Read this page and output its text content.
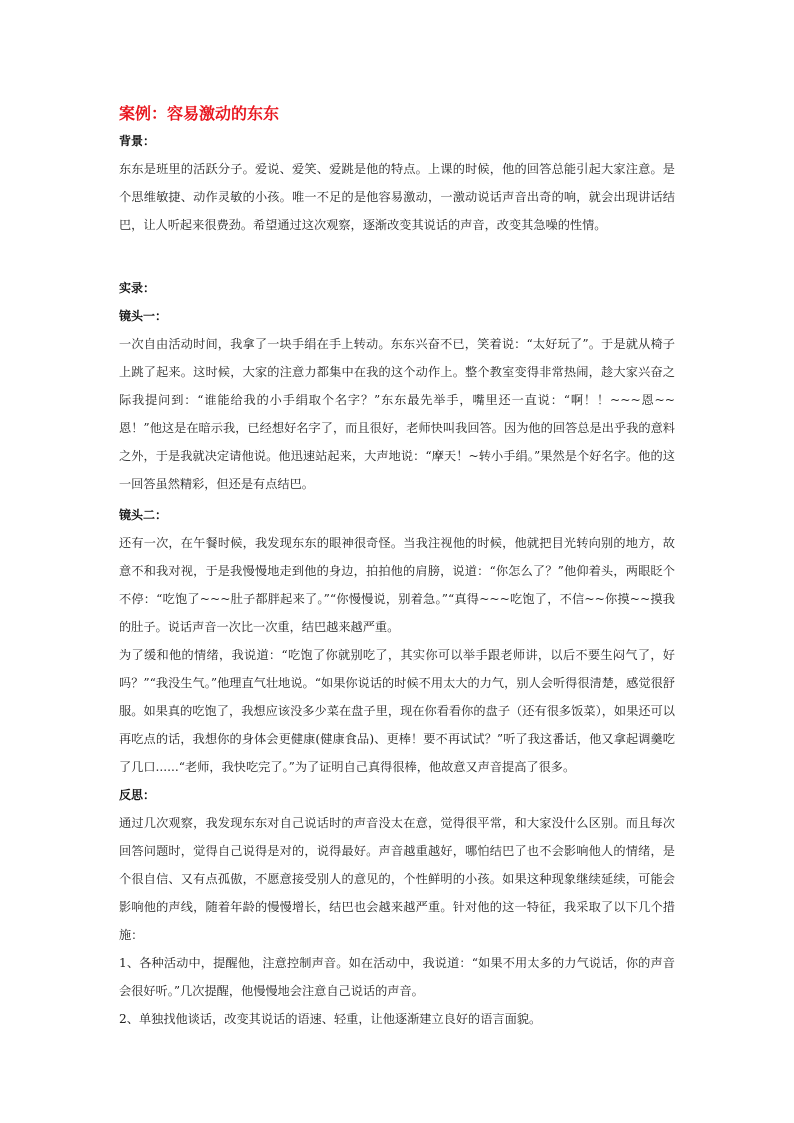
案例：容易激动的东东
背景：

东东是班里的活跃分子。爱说、爱笑、爱跳是他的特点。上课的时候，他的回答总能引起大家注意。是个思维敏捷、动作灵敏的小孩。唯一不足的是他容易激动，一激动说话声音出奇的响，就会出现讲话结巴，让人听起来很费劲。希望通过这次观察，逐渐改变其说话的声音，改变其急噪的性情。

实录：
镜头一：

一次自由活动时间，我拿了一块手绢在手上转动。东东兴奋不已，笑着说：“太好玩了”。于是就从椅子上跳了起来。这时候，大家的注意力都集中在我的这个动作上。整个教室变得非常热闹，趁大家兴奋之际我提问到：“谁能给我的小手绢取个名字？”东东最先举手，嘴里还一直说：“啊！！~~~恩~~恩！”他这是在暗示我，已经想好名字了，而且很好，老师快叫我回答。因为他的回答总是出乎我的意料之外，于是我就决定请他说。他迅速站起来，大声地说：“摩天！~转小手绢。”果然是个好名字。他的这一回答虽然精彩，但还是有点结巴。

镜头二：

还有一次，在午餐时候，我发现东东的眼神很奇怪。当我注视他的时候，他就把目光转向别的地方，故意不和我对视，于是我慢慢地走到他的身边，拍拍他的肩膀，说道：“你怎么了？”他仰着头，两眼眨个不停：“吃饱了~~~肚子都胖起来了。”“你慢慢说，别着急。”“真得~~~吃饱了，不信~~你摸~~摸我的肚子。说话声音一次比一次重，结巴越来越严重。

为了缓和他的情绪，我说道：“吃饱了你就别吃了，其实你可以举手跟老师讲，以后不要生闷气了，好吗？”“我没生气。”他理直气壮地说。“如果你说话的时候不用太大的力气，别人会听得很清楚，感觉很舒服。如果真的吃饱了，我想应该没多少菜在盘子里，现在你看看你的盘子（还有很多饭菜），如果还可以再吃点的话，我想你的身体会更健康(健康食品)、更棒！要不再试试？”听了我这番话，他又拿起调羹吃了几口......“老师，我快吃完了。”为了证明自己真得很棒，他故意又声音提高了很多。

反思：

通过几次观察，我发现东东对自己说话时的声音没太在意，觉得很平常，和大家没什么区别。而且每次回答问题时，觉得自己说得是对的，说得最好。声音越重越好，哪怕结巴了也不会影响他人的情绪，是个很自信、又有点孤傲，不愿意接受别人的意见的，个性鲜明的小孩。如果这种现象继续延续，可能会影响他的声线，随着年龄的慢慢增长，结巴也会越来越严重。针对他的这一特征，我采取了以下几个措施：

1、各种活动中，提醒他，注意控制声音。如在活动中，我说道：“如果不用太多的力气说话，你的声音会很好听。”几次提醒，他慢慢地会注意自己说话的声音。

2、单独找他谈话，改变其说话的语速、轻重，让他逐渐建立良好的语言面貌。
